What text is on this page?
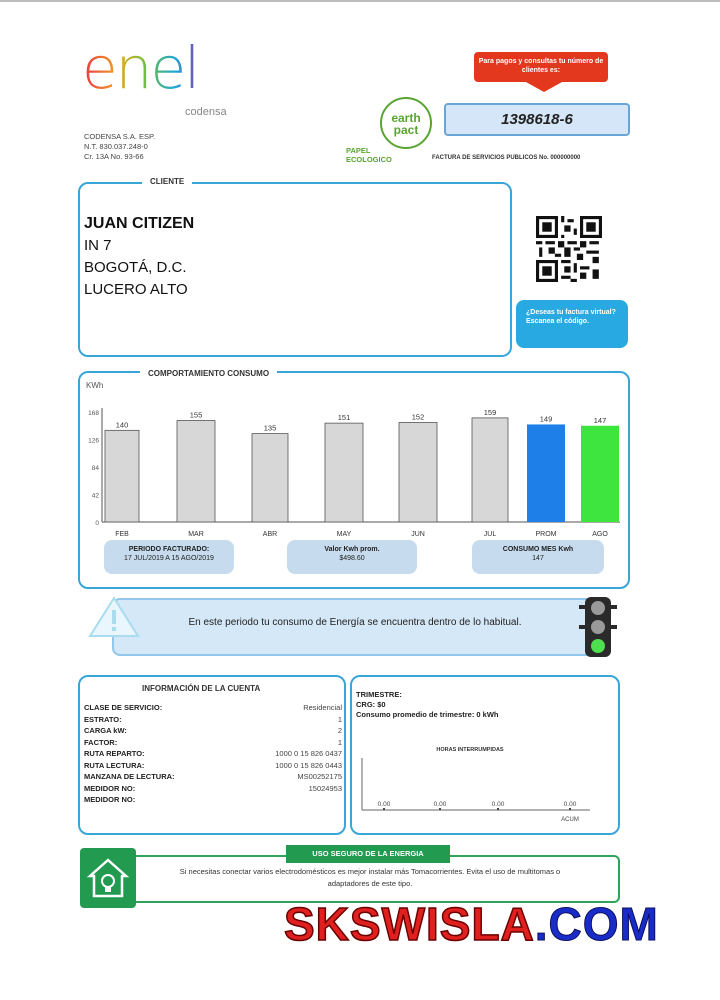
enel
codensa
CODENSA S.A. ESP.
N.T. 830.037.248-0
Cr. 13A No. 93-66
earth pact
PAPEL
ECOLOGICO
Para pagos y consultas tu número de clientes es:
1398618-6
FACTURA DE SERVICIOS PUBLICOS No. 000000000
CLIENTE
JUAN CITIZEN
IN 7
BOGOTÁ, D.C.
LUCERO ALTO
¿Deseas tu factura virtual? Escanea el código.
COMPORTAMIENTO CONSUMO
KWh
168
126
84
42
0
140
FEB
155
MAR
135
ABR
151
MAY
152
JUN
159
JUL
149
PROM
147
AGO
PERIODO FACTURADO:
17 JUL/2019 A 15 AGO/2019
Valor Kwh prom.
$498.60
CONSUMO MES Kwh
147
En este periodo tu consumo de Energía se encuentra dentro de lo habitual.
INFORMACIÓN DE LA CUENTA
CLASE DE SERVICIO:	Residencial
ESTRATO:	1
CARGA kW:	2
FACTOR:	1
RUTA REPARTO:	1000 0 15 826 0437
RUTA LECTURA:	1000 0 15 826 0443
MANZANA DE LECTURA:	MS00252175
MEDIDOR NO:	15024953
MEDIDOR NO:
TRIMESTRE:
CRG: $0
Consumo promedio de trimestre: 0 kWh
HORAS INTERRUMPIDAS
0.00	0.00	0.00	0.00
ACUM
USO SEGURO DE LA ENERGIA
Si necesitas conectar varios electrodomésticos es mejor instalar más Tomacorrientes. Evita el uso de multitomas o adaptadores de este tipo.
SKSWISLA.COM
